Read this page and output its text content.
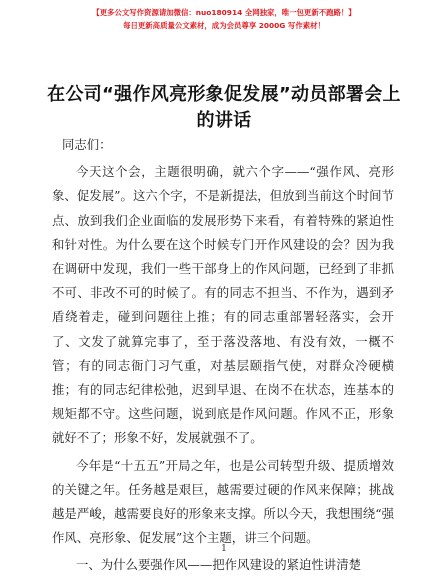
【更多公文写作资源请加微信：nuo180914 全网独家，唯一包更新不跑路！】
每日更新高质量公文素材，成为会员尊享 2000G 写作素材！
在公司“强作风亮形象促发展”动员部署会上的讲话

同志们：

今天这个会，主题很明确，就六个字——“强作风、亮形象、促发展”。这六个字，不是新提法，但放到当前这个时间节点、放到我们企业面临的发展形势下来看，有着特殊的紧迫性和针对性。为什么要在这个时候专门开作风建设的会？因为我在调研中发现，我们一些干部身上的作风问题，已经到了非抓不可、非改不可的时候了。有的同志不担当、不作为，遇到矛盾绕着走，碰到问题往上推；有的同志重部署轻落实，会开了、文发了就算完事了，至于落没落地、有没有效，一概不管；有的同志衙门习气重，对基层颐指气使，对群众冷硬横推；有的同志纪律松弛，迟到早退、在岗不在状态，连基本的规矩都不守。这些问题，说到底是作风问题。作风不正，形象就好不了；形象不好，发展就强不了。

今年是“十五五”开局之年，也是公司转型升级、提质增效的关键之年。任务越是艰巨，越需要过硬的作风来保障；挑战越是严峻，越需要良好的形象来支撑。所以今天，我想围绕“强作风、亮形象、促发展”这个主题，讲三个问题。

一、为什么要强作风——把作风建设的紧迫性讲清楚

1
